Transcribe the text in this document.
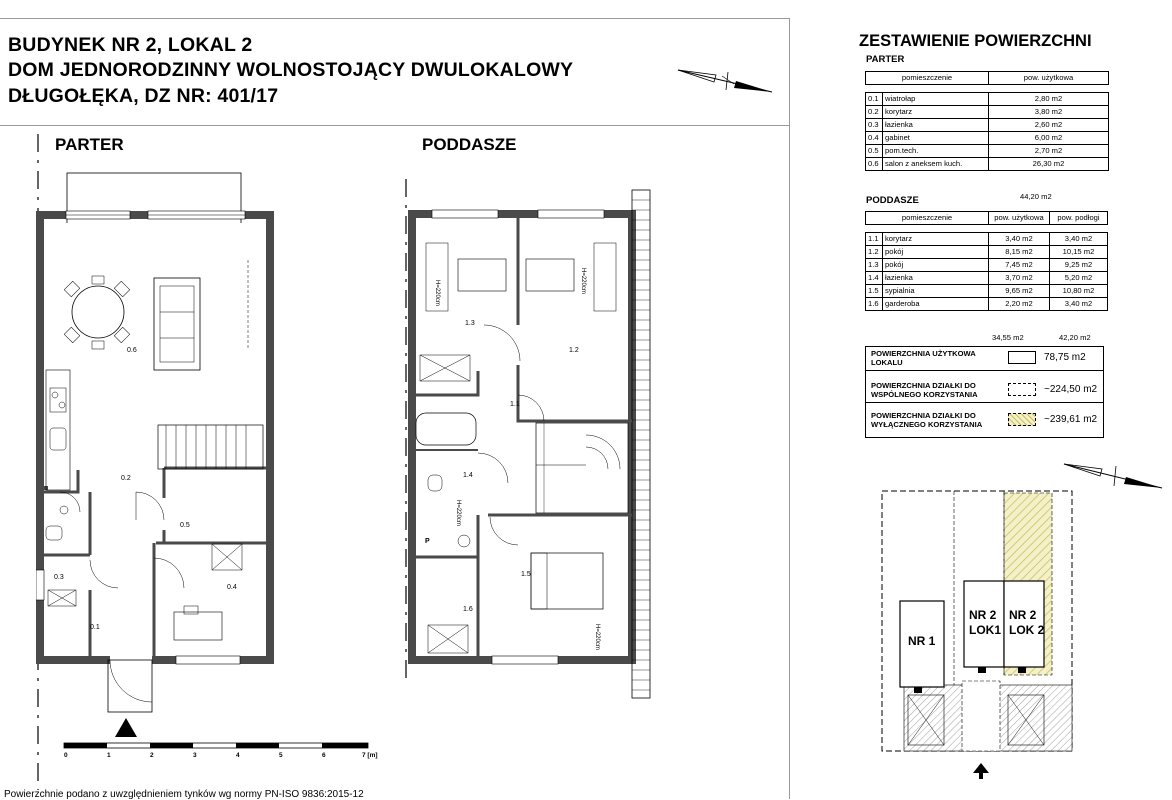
BUDYNEK NR 2, LOKAL 2
DOM JEDNORODZINNY WOLNOSTOJĄCY DWULOKALOWY
DŁUGOŁĘKA, DZ NR: 401/17
PARTER	PODDASZE
0.6
0.2
0.5
0.3
0.4
0.1
1.3
1.2
1.1
1.4
1.5
1.6
P
H=220cm	H=220cm
H=220cm
H=220cm
0	1	2	3	4	5	6	7 [m]
Powierzchnie podano z uwzględnieniem tynków wg normy PN-ISO 9836:2015-12
ZESTAWIENIE POWIERZCHNI
PARTER
pomieszczenie		pow. użytkowa

0.1	wiatrołap	2,80 m2
0.2	korytarz	3,80 m2
0.3	łazienka	2,60 m2
0.4	gabinet	6,00 m2
0.5	pom.tech.	2,70 m2
0.6	salon z aneksem kuch.	26,30 m2
44,20 m2
PODDASZE
pomieszczenie		pow. użytkowa	pow. podłogi

1.1	korytarz	3,40 m2	3,40 m2
1.2	pokój	8,15 m2	10,15 m2
1.3	pokój	7,45 m2	9,25 m2
1.4	łazienka	3,70 m2	5,20 m2
1.5	sypialnia	9,65 m2	10,80 m2
1.6	garderoba	2,20 m2	3,40 m2
34,55 m2	42,20 m2
POWIERZCHNIA UŻYTKOWA LOKALU	78,75 m2
POWIERZCHNIA DZIAŁKI DO WSPÓLNEGO KORZYSTANIA	~224,50 m2
POWIERZCHNIA DZIAŁKI DO WYŁĄCZNEGO KORZYSTANIA	~239,61 m2
NR 1
NR 2
LOK1
NR 2
LOK 2
